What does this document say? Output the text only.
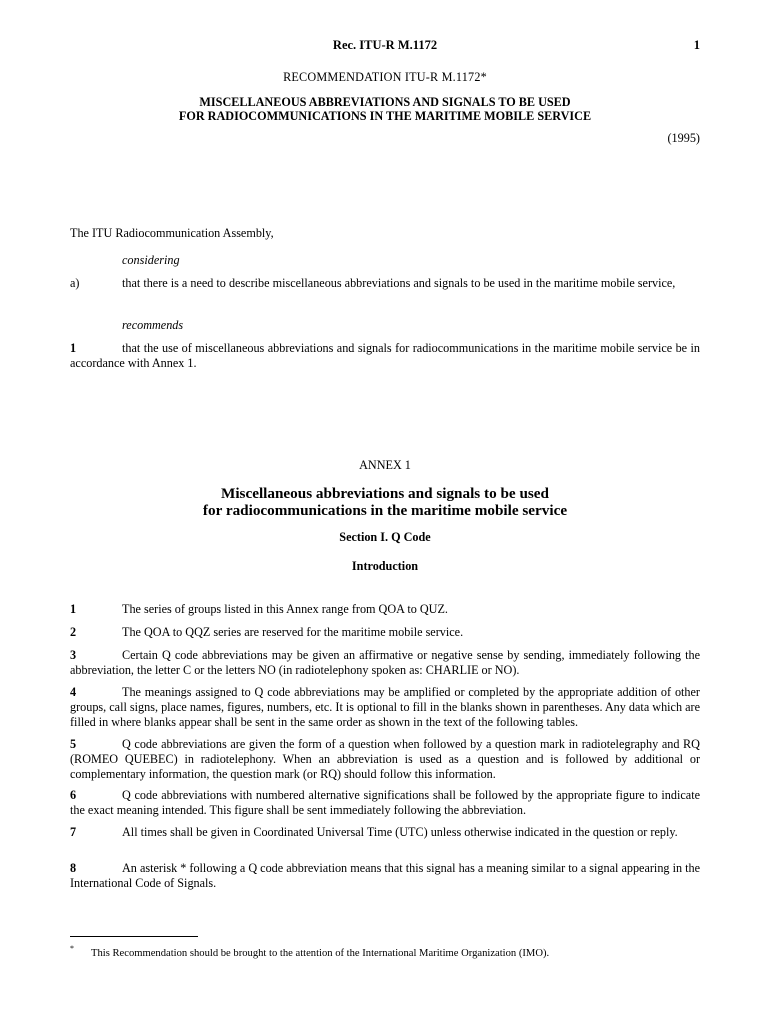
Rec. ITU-R M.1172	1
RECOMMENDATION ITU-R M.1172*
MISCELLANEOUS ABBREVIATIONS AND SIGNALS TO BE USED
FOR RADIOCOMMUNICATIONS IN THE MARITIME MOBILE SERVICE
(1995)
The ITU Radiocommunication Assembly,
considering
a)	that there is a need to describe miscellaneous abbreviations and signals to be used in the maritime mobile service,
recommends
1	that the use of miscellaneous abbreviations and signals for radiocommunications in the maritime mobile service be in accordance with Annex 1.
ANNEX 1
Miscellaneous abbreviations and signals to be used
for radiocommunications in the maritime mobile service
Section I. Q Code
Introduction
1	The series of groups listed in this Annex range from QOA to QUZ.
2	The QOA to QQZ series are reserved for the maritime mobile service.
3	Certain Q code abbreviations may be given an affirmative or negative sense by sending, immediately following the abbreviation, the letter C or the letters NO (in radiotelephony spoken as: CHARLIE or NO).
4	The meanings assigned to Q code abbreviations may be amplified or completed by the appropriate addition of other groups, call signs, place names, figures, numbers, etc. It is optional to fill in the blanks shown in parentheses. Any data which are filled in where blanks appear shall be sent in the same order as shown in the text of the following tables.
5	Q code abbreviations are given the form of a question when followed by a question mark in radiotelegraphy and RQ (ROMEO QUEBEC) in radiotelephony. When an abbreviation is used as a question and is followed by additional or complementary information, the question mark (or RQ) should follow this information.
6	Q code abbreviations with numbered alternative significations shall be followed by the appropriate figure to indicate the exact meaning intended. This figure shall be sent immediately following the abbreviation.
7	All times shall be given in Coordinated Universal Time (UTC) unless otherwise indicated in the question or reply.
8	An asterisk * following a Q code abbreviation means that this signal has a meaning similar to a signal appearing in the International Code of Signals.
* This Recommendation should be brought to the attention of the International Maritime Organization (IMO).
